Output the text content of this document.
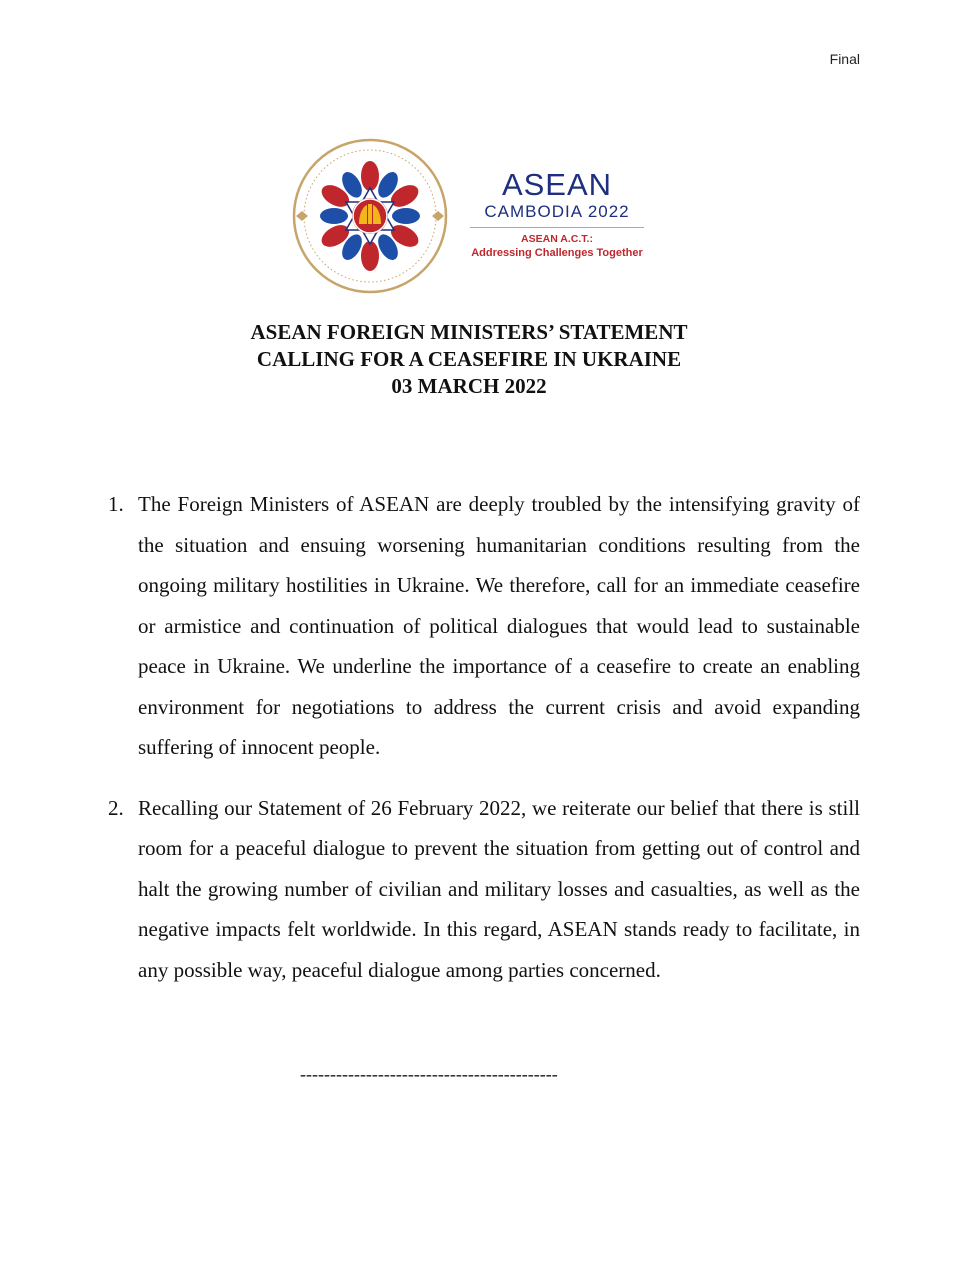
Final
ASEAN
CAMBODIA 2022
ASEAN A.C.T.:
Addressing Challenges Together
ASEAN FOREIGN MINISTERS’ STATEMENT
CALLING FOR A CEASEFIRE IN UKRAINE
03 MARCH 2022
1. The Foreign Ministers of ASEAN are deeply troubled by the intensifying gravity of the situation and ensuing worsening humanitarian conditions resulting from the ongoing military hostilities in Ukraine. We therefore, call for an immediate ceasefire or armistice and continuation of political dialogues that would lead to sustainable peace in Ukraine. We underline the importance of a ceasefire to create an enabling environment for negotiations to address the current crisis and avoid expanding suffering of innocent people.
2. Recalling our Statement of 26 February 2022, we reiterate our belief that there is still room for a peaceful dialogue to prevent the situation from getting out of control and halt the growing number of civilian and military losses and casualties, as well as the negative impacts felt worldwide. In this regard, ASEAN stands ready to facilitate, in any possible way, peaceful dialogue among parties concerned.
-------------------------------------------
